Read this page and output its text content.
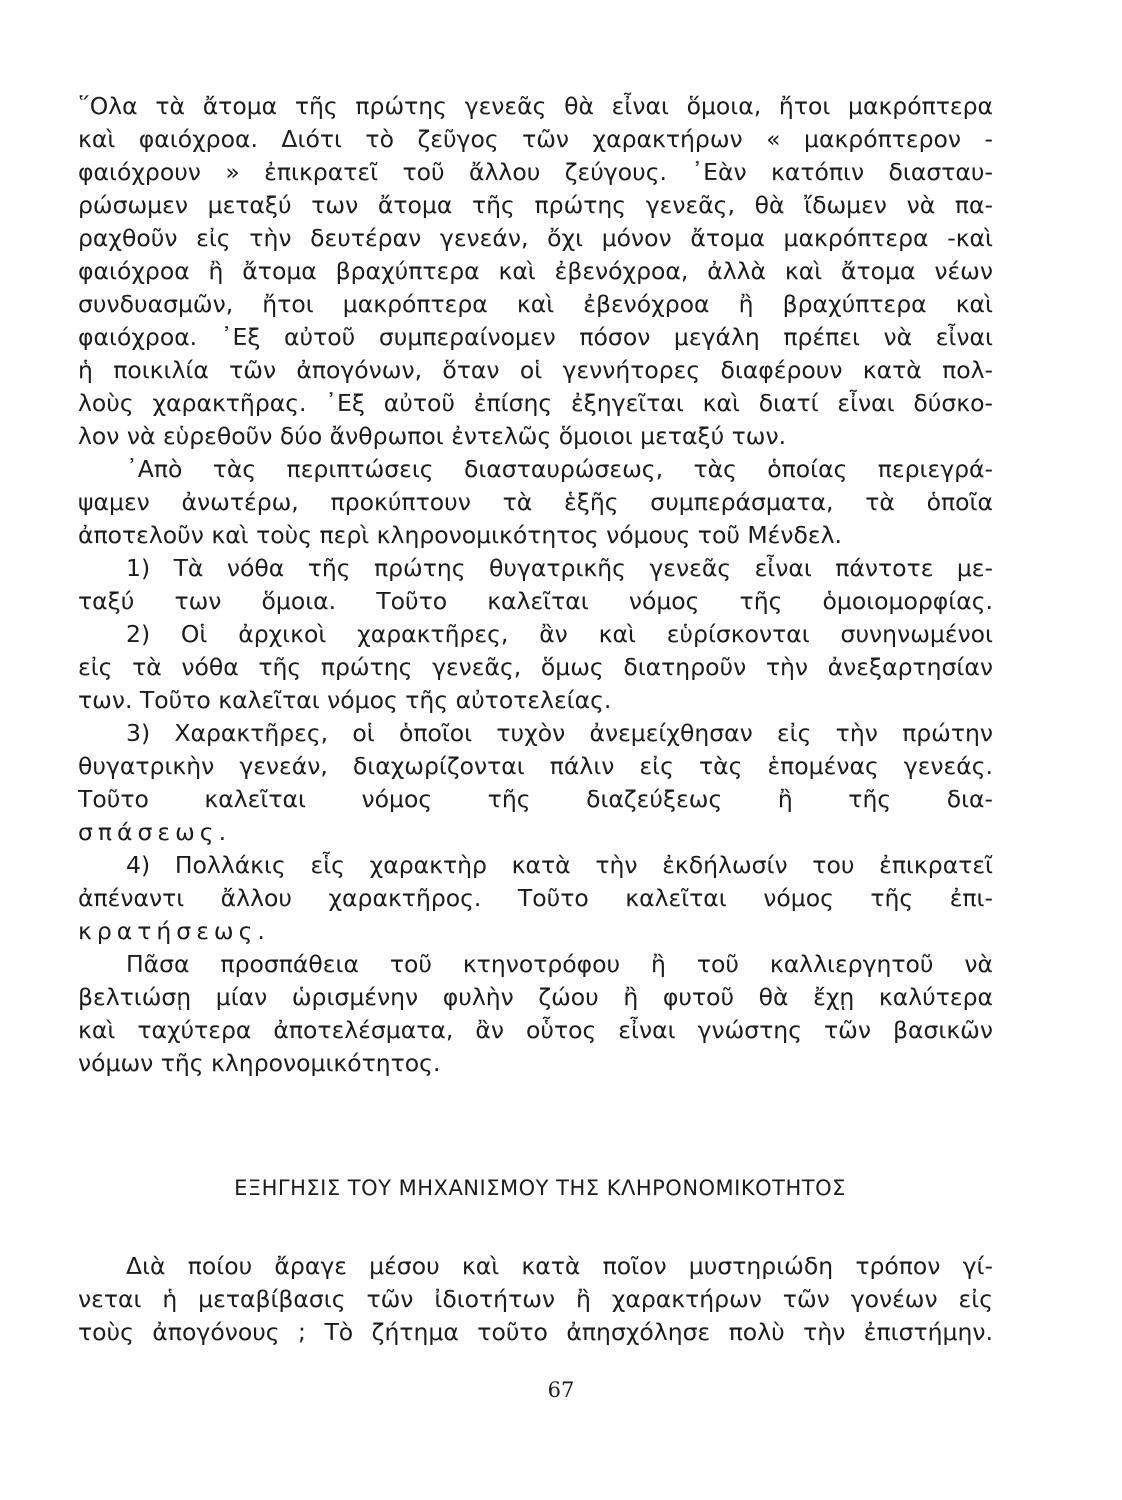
῞Ολα τὰ ἄτομα τῆς πρώτης γενεᾶς θὰ εἶναι ὅμοια, ἤτοι μακρόπτερα
καὶ φαιόχροα. Διότι τὸ ζεῦγος τῶν χαρακτήρων « μακρόπτερον -
φαιόχρουν » ἐπικρατεῖ τοῦ ἄλλου ζεύγους. ᾿Εὰν κατόπιν διασταυ-
ρώσωμεν μεταξύ των ἄτομα τῆς πρώτης γενεᾶς, θὰ ἴδωμεν νὰ πα-
ραχθοῦν εἰς τὴν δευτέραν γενεάν, ὄχι μόνον ἄτομα μακρόπτερα -καὶ
φαιόχροα ἢ ἄτομα βραχύπτερα καὶ ἐβενόχροα, ἀλλὰ καὶ ἄτομα νέων
συνδυασμῶν, ἤτοι μακρόπτερα καὶ ἐβενόχροα ἢ βραχύπτερα καὶ
φαιόχροα. ᾿Εξ αὐτοῦ συμπεραίνομεν πόσον μεγάλη πρέπει νὰ εἶναι
ἡ ποικιλία τῶν ἀπογόνων, ὅταν οἱ γεννήτορες διαφέρουν κατὰ πολ-
λοὺς χαρακτῆρας. ᾿Εξ αὐτοῦ ἐπίσης ἐξηγεῖται καὶ διατί εἶναι δύσκο-
λον νὰ εὑρεθοῦν δύο ἄνθρωποι ἐντελῶς ὅμοιοι μεταξύ των.
᾿Απὸ τὰς περιπτώσεις διασταυρώσεως, τὰς ὁποίας περιεγρά-
ψαμεν ἀνωτέρω, προκύπτουν τὰ ἑξῆς συμπεράσματα, τὰ ὁποῖα
ἀποτελοῦν καὶ τοὺς περὶ κληρονομικότητος νόμους τοῦ Μένδελ.
1) Τὰ νόθα τῆς πρώτης θυγατρικῆς γενεᾶς εἶναι πάντοτε με-
ταξύ των ὅμοια. Τοῦτο καλεῖται νόμος τῆς ὁμοιομορφίας.
2) Οἱ ἀρχικοὶ χαρακτῆρες, ἂν καὶ εὑρίσκονται συνηνωμένοι
εἰς τὰ νόθα τῆς πρώτης γενεᾶς, ὅμως διατηροῦν τὴν ἀνεξαρτησίαν
των. Τοῦτο καλεῖται νόμος τῆς αὐτοτελείας.
3) Χαρακτῆρες, οἱ ὁποῖοι τυχὸν ἀνεμείχθησαν εἰς τὴν πρώτην
θυγατρικὴν γενεάν, διαχωρίζονται πάλιν εἰς τὰς ἑπομένας γενεάς.
Τοῦτο καλεῖται νόμος τῆς διαζεύξεως ἢ τῆς δια-
σπάσεως.
4) Πολλάκις εἷς χαρακτὴρ κατὰ τὴν ἐκδήλωσίν του ἐπικρατεῖ
ἀπέναντι ἄλλου χαρακτῆρος. Τοῦτο καλεῖται νόμος τῆς ἐπι-
κρατήσεως.
Πᾶσα προσπάθεια τοῦ κτηνοτρόφου ἢ τοῦ καλλιεργητοῦ νὰ
βελτιώσῃ μίαν ὡρισμένην φυλὴν ζώου ἢ φυτοῦ θὰ ἔχῃ καλύτερα
καὶ ταχύτερα ἀποτελέσματα, ἂν οὗτος εἶναι γνώστης τῶν βασικῶν
νόμων τῆς κληρονομικότητος.
ΕΞΗΓΗΣΙΣ ΤΟΥ ΜΗΧΑΝΙΣΜΟΥ ΤΗΣ ΚΛΗΡΟΝΟΜΙΚΟΤΗΤΟΣ
Διὰ ποίου ἄραγε μέσου καὶ κατὰ ποῖον μυστηριώδη τρόπον γί-
νεται ἡ μεταβίβασις τῶν ἰδιοτήτων ἢ χαρακτήρων τῶν γονέων εἰς
τοὺς ἀπογόνους ; Τὸ ζήτημα τοῦτο ἀπησχόλησε πολὺ τὴν ἐπιστήμην.
67
